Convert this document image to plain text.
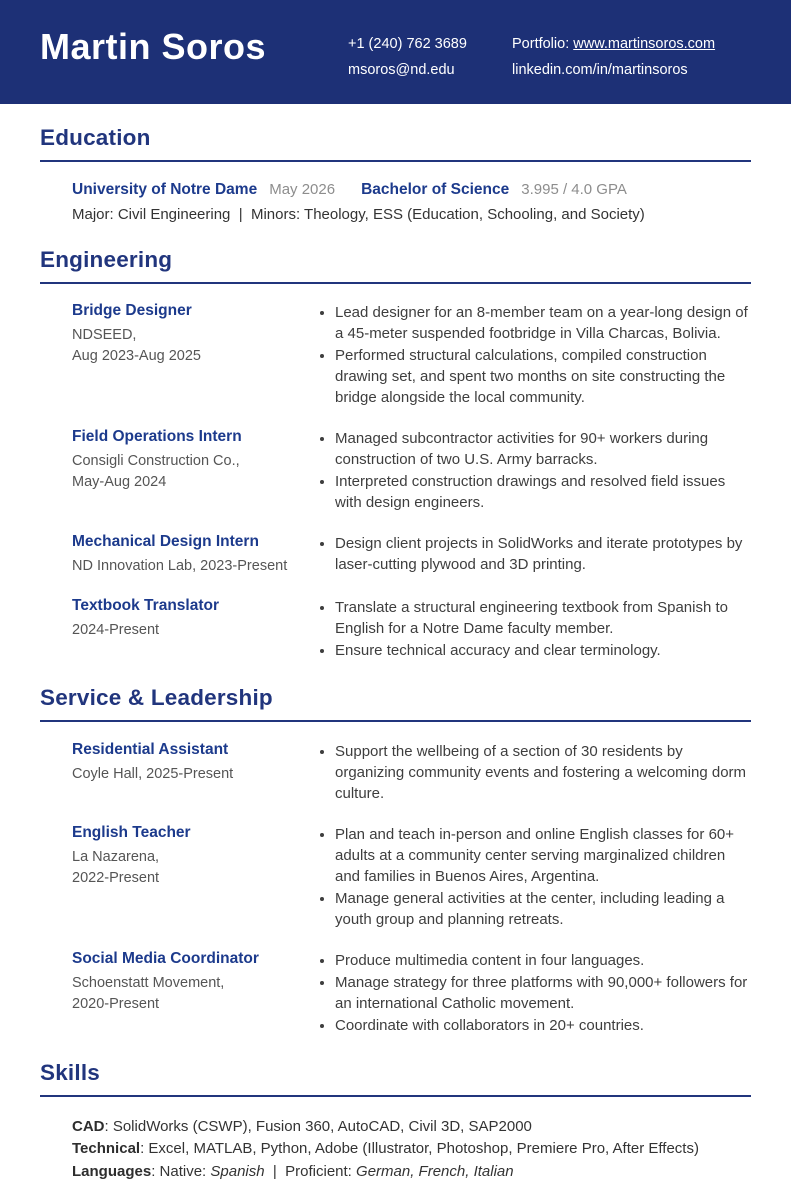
Martin Soros	+1 (240) 762 3689
msoros@nd.edu
Portfolio: www.martinsoros.com
linkedin.com/in/martinsoros
Education
University of Notre Dame May 2026 Bachelor of Science 3.995 / 4.0 GPA
Major: Civil Engineering  |  Minors: Theology, ESS (Education, Schooling, and Society)
Engineering
Bridge Designer
NDSEED,
Aug 2023-Aug 2025
• Lead designer for an 8-member team on a year-long design of a 45-meter suspended footbridge in Villa Charcas, Bolivia.
• Performed structural calculations, compiled construction drawing set, and spent two months on site constructing the bridge alongside the local community.
Field Operations Intern
Consigli Construction Co.,
May-Aug 2024
• Managed subcontractor activities for 90+ workers during construction of two U.S. Army barracks.
• Interpreted construction drawings and resolved field issues with design engineers.
Mechanical Design Intern
ND Innovation Lab, 2023-Present
• Design client projects in SolidWorks and iterate prototypes by laser-cutting plywood and 3D printing.
Textbook Translator
2024-Present
• Translate a structural engineering textbook from Spanish to English for a Notre Dame faculty member.
• Ensure technical accuracy and clear terminology.
Service & Leadership
Residential Assistant
Coyle Hall, 2025-Present
• Support the wellbeing of a section of 30 residents by organizing community events and fostering a welcoming dorm culture.
English Teacher
La Nazarena,
2022-Present
• Plan and teach in-person and online English classes for 60+ adults at a community center serving marginalized children and families in Buenos Aires, Argentina.
• Manage general activities at the center, including leading a youth group and planning retreats.
Social Media Coordinator
Schoenstatt Movement,
2020-Present
• Produce multimedia content in four languages.
• Manage strategy for three platforms with 90,000+ followers for an international Catholic movement.
• Coordinate with collaborators in 20+ countries.
Skills
CAD: SolidWorks (CSWP), Fusion 360, AutoCAD, Civil 3D, SAP2000
Technical: Excel, MATLAB, Python, Adobe (Illustrator, Photoshop, Premiere Pro, After Effects)
Languages: Native: Spanish  |  Proficient: German, French, Italian
